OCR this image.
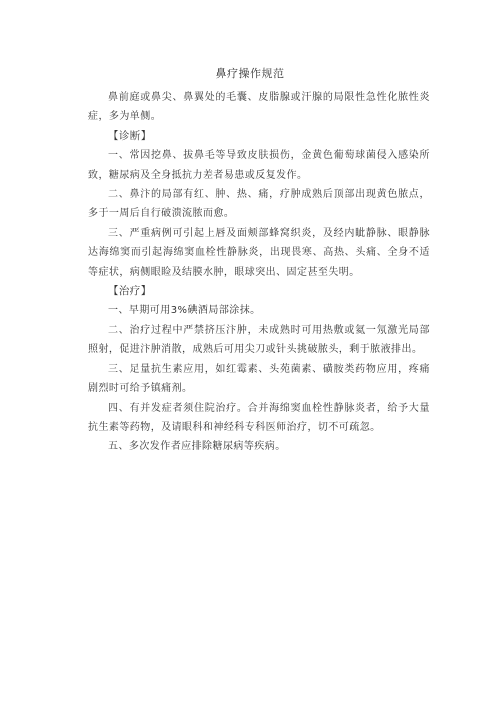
鼻疗操作规范

鼻前庭或鼻尖、鼻翼处的毛囊、皮脂腺或汗腺的局限性急性化脓性炎症，多为单侧。

【诊断】

一、常因挖鼻、拔鼻毛等导致皮肤损伤，金黄色葡萄球菌侵入感染所致，糖尿病及全身抵抗力差者易患或反复发作。

二、鼻汴的局部有红、肿、热、痛，疗肿成熟后顶部出现黄色脓点，多于一周后自行破溃流脓而愈。

三、严重病例可引起上唇及面颊部蜂窝织炎，及经内眦静脉、眼静脉达海绵窦而引起海绵窦血栓性静脉炎，出现畏寒、高热、头痛、全身不适等症状，病侧眼睑及结膜水肿，眼球突出、固定甚至失明。

【治疗】

一、早期可用3%碘酒局部涂抹。

二、治疗过程中严禁挤压汴肿，未成熟时可用热敷或氦一氖激光局部照射，促进汴肿消散，成熟后可用尖刀或针头挑破脓头，剩于脓液排出。

三、足量抗生素应用，如红霉素、头苑菌素、磺胺类药物应用，疼痛剧烈时可给予镇痛剂。

四、有并发症者须住院治疗。合并海绵窦血栓性静脉炎者，给予大量抗生素等药物，及请眼科和神经科专科医师治疗，切不可疏忽。

五、多次发作者应排除糖尿病等疾病。
